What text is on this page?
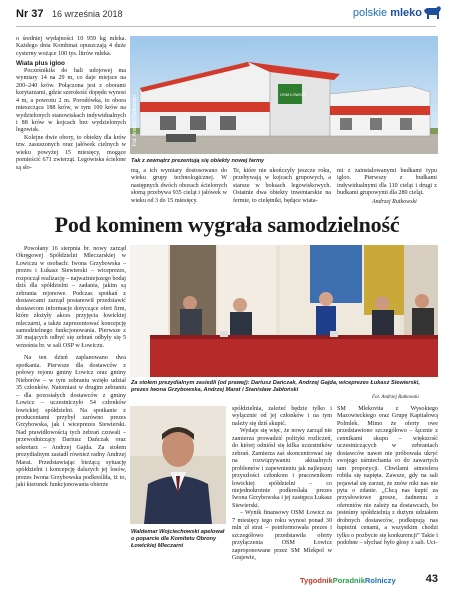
Nr 37 16 września 2018	polskie mleko

o średniej wydajności 10 959 kg mleka. Każdego dnia Kombinat opuszczają 4 duże cysterny wożące 100 tys. litrów mleka.

Wiata plus igloo

Pocześnikiła do hali udojowej ma wymiary 14 na 29 m, co daje miejsce na 200–240 krów. Połączona jest z oborami korytarzami, gdzie szerokość dopędu wynosi 4 m, a powrotu 2 m. Porodówka, to obora mieszcząca 188 krów, w tym 100 krów na wydzielonych stanowiskach indywidualnych i 88 krów w kojcach bez wydzielonych legowisk.

Kolejne dwie obory, to obiekty dla krów tzw. zasuszonych oraz jałówek cielnych w wieku powyżej 15 miesięcy, mogące pomieścić 671 zwierząt. Legowiska ścielone są sło-

OSM ŁOWICZ
Fot. Andrzej Rutkowski
Tak z zewnątrz prezentują się obiekty nowej farmy

mą, a ich wymiary dostosowano do wieku grupy technologicznej. W następnych dwóch oborach ścielonych słomą przebywa 935 cieląt i jałówek w wieku od 3 do 15 miesięcy.

Te, które nie ukończyły jeszcze roku, przebywają w kojcach grupowych, a starsze w boksach legowiskowych. Ostatnie dwa obiekty inwentarskie na fermie, to cielętniki, będące wiata-

mi z zainstalowanymi budkami typu igloo. Pierwszy z budkami indywidualnymi dla 110 cieląt i drugi z budkami grupowymi dla 280 cieląt.

Andrzej Rutkowski
Pod kominem wygrała samodzielność

Powołany 16 sierpnia br. nowy zarząd Okręgowej Spółdzielni Mleczarskiej w Łowiczu w osobach: Iwona Grzybowska – prezes i Łukasz Siewierski – wiceprezes, rozpoczął realizację – najważniejszego bodaj dziś dla spółdzielni – zadania, jakim są zebrania rejonowe. Podczas spotkań z dostawcami zarząd postanowił przedstawić dostawcom informacje dotyczące ofert firm, które złożyły akces przyjęcia łowickiej mleczarni, a także zaprezentować koncepcję samodzielnego funkcjonowania. Pierwsze z 30 mających odbyć się zebrań odbyły się 5 września br. w sali OSP w Łowiczu.

Na ten dzień zaplanowano dwa spotkania. Pierwsze dla dostawców z połowy rejonu gminy Łowicz oraz gminy Nieborów – w tym zebraniu wzięło udział 35 członków. Natomiast w drugim zebraniu – dla pozostałych dostawców z gminy Łowicz – uczestniczyło 54 członków łowickiej spółdzielni. Na spotkanie z producentami przybył zarówno prezes Grzybowska, jak i wiceprezes Siewierski. Nad prawidłowością tych zebrań czuwali – przewodniczący Dariusz Dańczak oraz sekretarz – Andrzej Gajda. Za stołem prezydialnym zasiadł również radny Andrzej Marat. Przedstawiając bieżącą sytuację spółdzielni i koncepcję dalszych jej losów, prezes Iwona Grzybowska podkreśliła, iż to, jaki kierunek funkcjonowania obierze

Za stołem prezydialnym zasiedli (od prawej): Dariusz Dańczak, Andrzej Gajda, wiceprezes Łukasz Siewierski, prezes Iwona Grzybowska, Andrzej Marat i Stanisław Jabłoński
Fot. Andrzej Rutkowski
Waldemar Wojciechowski apelował o poparcie dla Komitetu Obrony Łowickiej Mleczarni

spółdzielnia, zależeć będzie tylko i wyłącznie od jej członków i na tym należy się dziś skupić.

Wydaje się więc, że nowy zarząd nie zamierza prowadzić polityki rozliczeń, do której odniósł się kilka uczestników zebrań. Zamierza zaś skoncentrować się na rozwiązywaniu aktualnych problemów i zapewnieniu jak najlepszej przyszłości członkom i pracownikom łowickiej spółdzielni – co niejednokrotnie podkreślała prezes Iwona Grzybowska i jej zastępca Łukasz Siewierski.

– Wynik finansowy OSM Łowicz za 7 miesięcy tego roku wynosi ponad 30 mln zł strat – poinformowała prezes i szczegółowo przedstawiła oferty przyłączenia OSM Łowicz zaproponowane przez SM Mlekpol w Grajewie,

SM Mlekovita z Wysokiego Mazowieckiego oraz Grupę Kapitałową Polmlek. Mimo że oferty owe przedstawiono szczegółowo – łącznie z cennikami skupu – większość uczestniczących w zebraniach dostawców nawet nie próbowała ukryć swojego uśmiechania co do zawartych tam propozycji. Chwilami atmosfera robiła się napięta. Zawsze, gdy na sali pojawiał się zarzut, że znów nikt nas nie pyta o zdanie. „Chcą nas kupić za przysłowiowe grosze, żadnemu z oferentów nie zależy na dostawcach, bo jesteśmy spółdzielnią z dużym udziałem drobnych dostawców, podkupują nas łupieżni cenami, a wszystkim chodzi tylko o pozbycie się konkurencji” Takie i podobne – słychać było głosy z sali. Uci-

TygodnikPoradnikRolniczy	43
